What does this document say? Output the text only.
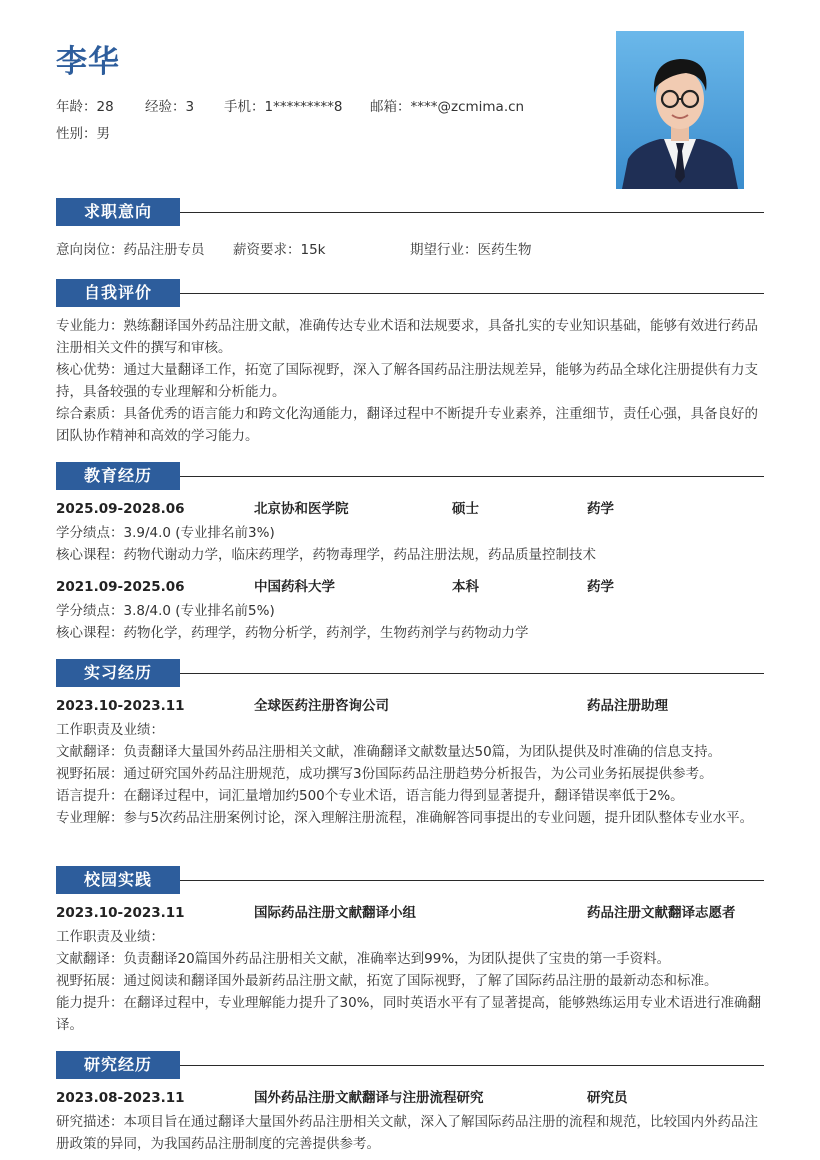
李华
年龄：28 经验：3 手机：1*********8 邮箱：****@zcmima.cn
性别：男
求职意向
意向岗位：药品注册专员 薪资要求：15k	期望行业：医药生物
自我评价
专业能力：熟练翻译国外药品注册文献，准确传达专业术语和法规要求，具备扎实的专业知识基础，能够有效进行药品注册相关文件的撰写和审核。
核心优势：通过大量翻译工作，拓宽了国际视野，深入了解各国药品注册法规差异，能够为药品全球化注册提供有力支持，具备较强的专业理解和分析能力。
综合素质：具备优秀的语言能力和跨文化沟通能力，翻译过程中不断提升专业素养，注重细节，责任心强，具备良好的团队协作精神和高效的学习能力。
教育经历
2025.09-2028.06	北京协和医学院	硕士	药学
学分绩点：3.9/4.0 (专业排名前3%)
核心课程：药物代谢动力学，临床药理学，药物毒理学，药品注册法规，药品质量控制技术
2021.09-2025.06	中国药科大学	本科	药学
学分绩点：3.8/4.0 (专业排名前5%)
核心课程：药物化学，药理学，药物分析学，药剂学，生物药剂学与药物动力学
实习经历
2023.10-2023.11	全球医药注册咨询公司	药品注册助理
工作职责及业绩：
文献翻译：负责翻译大量国外药品注册相关文献，准确翻译文献数量达50篇，为团队提供及时准确的信息支持。
视野拓展：通过研究国外药品注册规范，成功撰写3份国际药品注册趋势分析报告，为公司业务拓展提供参考。
语言提升：在翻译过程中，词汇量增加约500个专业术语，语言能力得到显著提升，翻译错误率低于2%。
专业理解：参与5次药品注册案例讨论，深入理解注册流程，准确解答同事提出的专业问题，提升团队整体专业水平。
校园实践
2023.10-2023.11	国际药品注册文献翻译小组	药品注册文献翻译志愿者
工作职责及业绩：
文献翻译：负责翻译20篇国外药品注册相关文献，准确率达到99%，为团队提供了宝贵的第一手资料。
视野拓展：通过阅读和翻译国外最新药品注册文献，拓宽了国际视野，了解了国际药品注册的最新动态和标准。
能力提升：在翻译过程中，专业理解能力提升了30%，同时英语水平有了显著提高，能够熟练运用专业术语进行准确翻译。
研究经历
2023.08-2023.11	国外药品注册文献翻译与注册流程研究	研究员
研究描述：本项目旨在通过翻译大量国外药品注册相关文献，深入了解国际药品注册的流程和规范，比较国内外药品注册政策的异同，为我国药品注册制度的完善提供参考。
